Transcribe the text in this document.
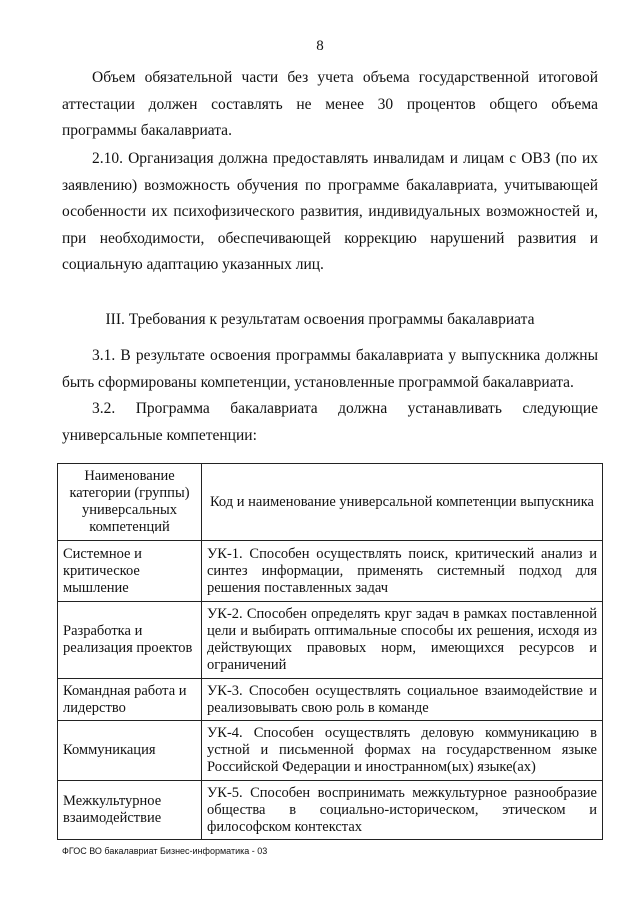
8

Объем обязательной части без учета объема государственной итоговой аттестации должен составлять не менее 30 процентов общего объема программы бакалавриата.

2.10. Организация должна предоставлять инвалидам и лицам с ОВЗ (по их заявлению) возможность обучения по программе бакалавриата, учитывающей особенности их психофизического развития, индивидуальных возможностей и, при необходимости, обеспечивающей коррекцию нарушений развития и социальную адаптацию указанных лиц.

III. Требования к результатам освоения программы бакалавриата

3.1. В результате освоения программы бакалавриата у выпускника должны быть сформированы компетенции, установленные программой бакалавриата.

3.2. Программа бакалавриата должна устанавливать следующие универсальные компетенции:

Наименование категории (группы) универсальных компетенций	Код и наименование универсальной компетенции выпускника
Системное и критическое мышление	УК-1. Способен осуществлять поиск, критический анализ и синтез информации, применять системный подход для решения поставленных задач
Разработка и реализация проектов	УК-2. Способен определять круг задач в рамках поставленной цели и выбирать оптимальные способы их решения, исходя из действующих правовых норм, имеющихся ресурсов и ограничений
Командная работа и лидерство	УК-3. Способен осуществлять социальное взаимодействие и реализовывать свою роль в команде
Коммуникация	УК-4. Способен осуществлять деловую коммуникацию в устной и письменной формах на государственном языке Российской Федерации и иностранном(ых) языке(ах)
Межкультурное взаимодействие	УК-5. Способен воспринимать межкультурное разнообразие общества в социально-историческом, этическом и философском контекстах
ФГОС ВО бакалавриат Бизнес-информатика - 03
